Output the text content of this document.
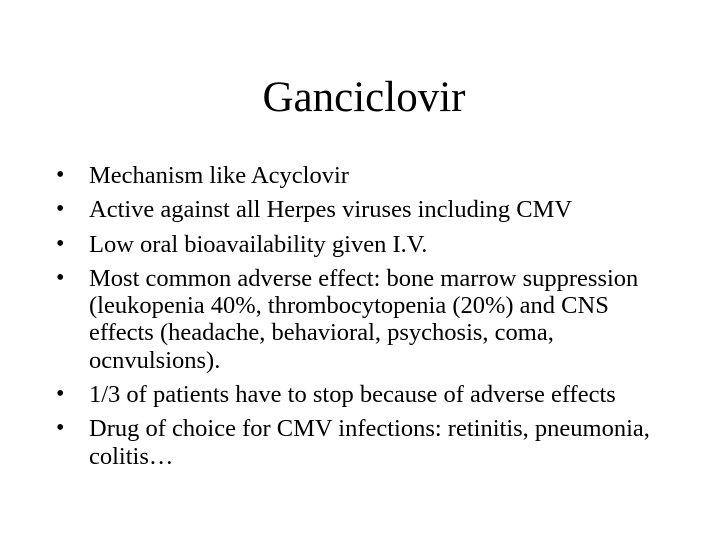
Ganciclovir
•	Mechanism like Acyclovir
•	Active against all Herpes viruses including CMV
•	Low oral bioavailability given I.V.
•	Most common adverse effect: bone marrow suppression (leukopenia 40%, thrombocytopenia (20%) and CNS effects (headache, behavioral, psychosis, coma, ocnvulsions).
•	1/3 of patients have to stop because of adverse effects
•	Drug of choice for CMV infections: retinitis, pneumonia, colitis…
